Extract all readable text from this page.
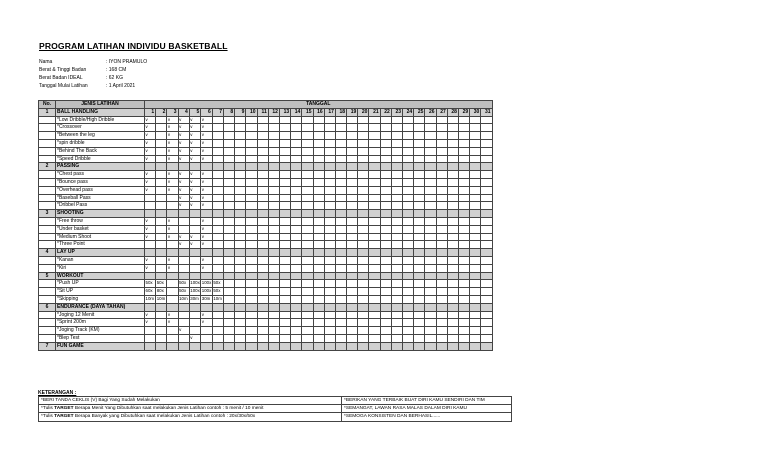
PROGRAM LATIHAN INDIVIDU BASKETBALL
Nama	: IYON PRAMULO
Berat & Tinggi Badan	: 168 CM
Berat Badan IDEAL	: 62 KG
Tanggal Mulai Latihan	: 1 April 2021
No.	JENIS LATIHAN	TANGGAL																														
1	BALL HANDLING	1	2	3	4	5	6	7	8	9	10	11	12	13	14	15	16	17	18	19	20	21	22	23	24	25	26	27	28	29	30	31
	*Low Dribble/High Dribble	v		v	v	v	v																									
	*Crossover	v		v	v	v	v																									
	*Between the leg	v		v	v	v	v																									
	*spin dribble	v		v	v	v	v																									
	*Behind The Back	v		v	v	v	v																									
	*Speed Dribble	v		v	v	v	v																									
2	PASSING																															
	*Chest pass	v		v	v	v	v																									
	*Bounce pass	v		v	v	v	v																									
	*Overhead pass	v		v	v	v	v																									
	*Baseball Pass				v	v	v																									
	*Dribbel Pass				v	v	v																									
3	SHOOTING																															
	*Free throw	v		v			v																									
	*Under basket	v		v			v																									
	*Medium Shoot	v		v	v	v	v																									
	*Three Point				v	v	v																									
4	LAY UP																															
	*Kanan	v		v			v																									
	*Kiri	v		v			v																									
5	WORKOUT																															
	*Push UP	50x	50x		50x	100x	100x	50x																								
	*Sit UP	60x	80x		50x	100x	100x	50x																								
	*Skipping	10m	10m		10m	30m	30m	10m																								
6	ENDURANCE (DAYA TAHAN)																															
	*Joging 12 Menit	v		v			v																									
	*Sprint 200m	v		v			v																									
	*Joging Track (KM)				v																											
	*Blep Test					v																										
7	FUN GAME																															
KETERANGAN :
*BERI TANDA CEKLIS (V) Bagi Yang Sudah Melakukan	*BERIKAN YANG TERBAIK BUAT DIRI KAMU SENDIRI DAN TIM
*Tulis TARGET Berapa Menit Yang Dibutuhkan saat melakukan Jenis Latihan contoh : 5 menit / 10 menit	*SEMANGAT, LAWAN RASA MALAS DALAM DIRI KAMU
*Tulis TARGET Berapa Banyak yang Dibutuhkan saat melakukan Jenis Latihan contoh : 20x/30x/50x	*SEMOGA KONSISTEN DAN BERHASIL......
